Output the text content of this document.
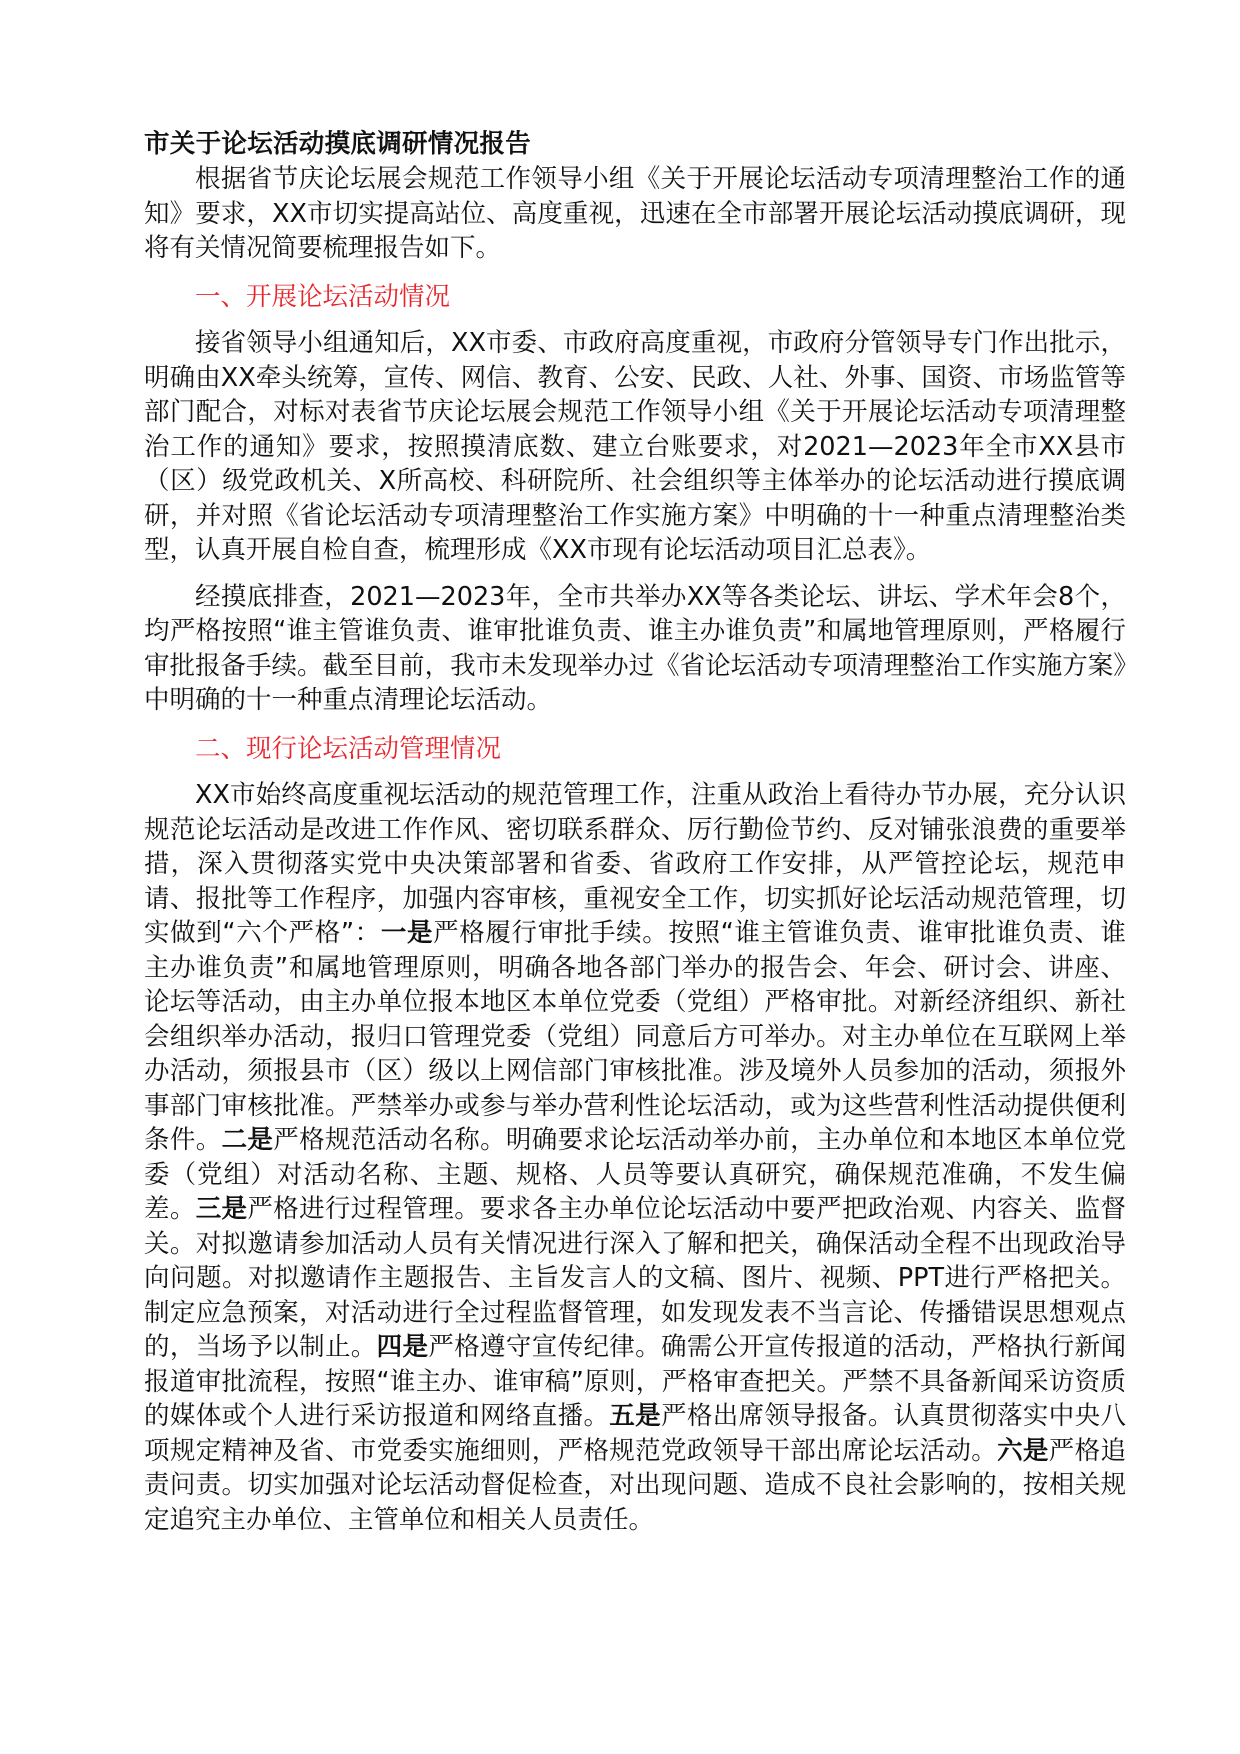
市关于论坛活动摸底调研情况报告

根据省节庆论坛展会规范工作领导小组《关于开展论坛活动专项清理整治工作的通知》要求，XX市切实提高站位、高度重视，迅速在全市部署开展论坛活动摸底调研，现将有关情况简要梳理报告如下。

一、开展论坛活动情况

接省领导小组通知后，XX市委、市政府高度重视，市政府分管领导专门作出批示，明确由XX牵头统筹，宣传、网信、教育、公安、民政、人社、外事、国资、市场监管等部门配合，对标对表省节庆论坛展会规范工作领导小组《关于开展论坛活动专项清理整治工作的通知》要求，按照摸清底数、建立台账要求，对2021—2023年全市XX县市（区）级党政机关、X所高校、科研院所、社会组织等主体举办的论坛活动进行摸底调研，并对照《省论坛活动专项清理整治工作实施方案》中明确的十一种重点清理整治类型，认真开展自检自查，梳理形成《XX市现有论坛活动项目汇总表》。

经摸底排查，2021—2023年，全市共举办XX等各类论坛、讲坛、学术年会8个，均严格按照“谁主管谁负责、谁审批谁负责、谁主办谁负责”和属地管理原则，严格履行审批报备手续。截至目前，我市未发现举办过《省论坛活动专项清理整治工作实施方案》中明确的十一种重点清理论坛活动。

二、现行论坛活动管理情况

XX市始终高度重视坛活动的规范管理工作，注重从政治上看待办节办展，充分认识规范论坛活动是改进工作作风、密切联系群众、厉行勤俭节约、反对铺张浪费的重要举措，深入贯彻落实党中央决策部署和省委、省政府工作安排，从严管控论坛，规范申请、报批等工作程序，加强内容审核，重视安全工作，切实抓好论坛活动规范管理，切实做到“六个严格”：一是严格履行审批手续。按照“谁主管谁负责、谁审批谁负责、谁主办谁负责”和属地管理原则，明确各地各部门举办的报告会、年会、研讨会、讲座、论坛等活动，由主办单位报本地区本单位党委（党组）严格审批。对新经济组织、新社会组织举办活动，报归口管理党委（党组）同意后方可举办。对主办单位在互联网上举办活动，须报县市（区）级以上网信部门审核批准。涉及境外人员参加的活动，须报外事部门审核批准。严禁举办或参与举办营利性论坛活动，或为这些营利性活动提供便利条件。二是严格规范活动名称。明确要求论坛活动举办前，主办单位和本地区本单位党委（党组）对活动名称、主题、规格、人员等要认真研究，确保规范准确，不发生偏差。三是严格进行过程管理。要求各主办单位论坛活动中要严把政治观、内容关、监督关。对拟邀请参加活动人员有关情况进行深入了解和把关，确保活动全程不出现政治导向问题。对拟邀请作主题报告、主旨发言人的文稿、图片、视频、PPT进行严格把关。制定应急预案，对活动进行全过程监督管理，如发现发表不当言论、传播错误思想观点的，当场予以制止。四是严格遵守宣传纪律。确需公开宣传报道的活动，严格执行新闻报道审批流程，按照“谁主办、谁审稿”原则，严格审查把关。严禁不具备新闻采访资质的媒体或个人进行采访报道和网络直播。五是严格出席领导报备。认真贯彻落实中央八项规定精神及省、市党委实施细则，严格规范党政领导干部出席论坛活动。六是严格追责问责。切实加强对论坛活动督促检查，对出现问题、造成不良社会影响的，按相关规定追究主办单位、主管单位和相关人员责任。
